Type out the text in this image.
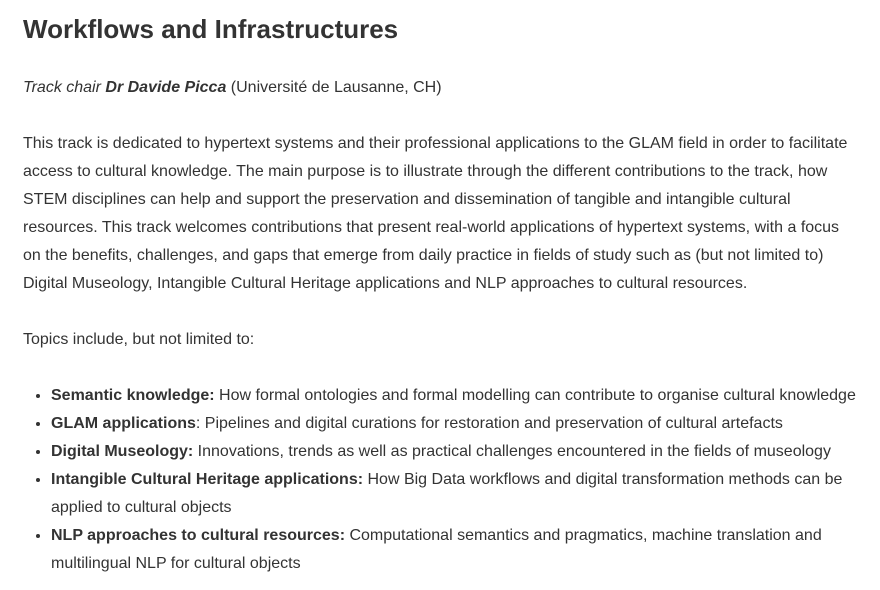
Workflows and Infrastructures

Track chair Dr Davide Picca (Université de Lausanne, CH)

This track is dedicated to hypertext systems and their professional applications to the GLAM field in order to facilitate access to cultural knowledge. The main purpose is to illustrate through the different contributions to the track, how STEM disciplines can help and support the preservation and dissemination of tangible and intangible cultural resources. This track welcomes contributions that present real-world applications of hypertext systems, with a focus on the benefits, challenges, and gaps that emerge from daily practice in fields of study such as (but not limited to) Digital Museology, Intangible Cultural Heritage applications and NLP approaches to cultural resources.

Topics include, but not limited to:

• Semantic knowledge: How formal ontologies and formal modelling can contribute to organise cultural knowledge
• GLAM applications: Pipelines and digital curations for restoration and preservation of cultural artefacts
• Digital Museology: Innovations, trends as well as practical challenges encountered in the fields of museology
• Intangible Cultural Heritage applications: How Big Data workflows and digital transformation methods can be applied to cultural objects
• NLP approaches to cultural resources: Computational semantics and pragmatics, machine translation and multilingual NLP for cultural objects
